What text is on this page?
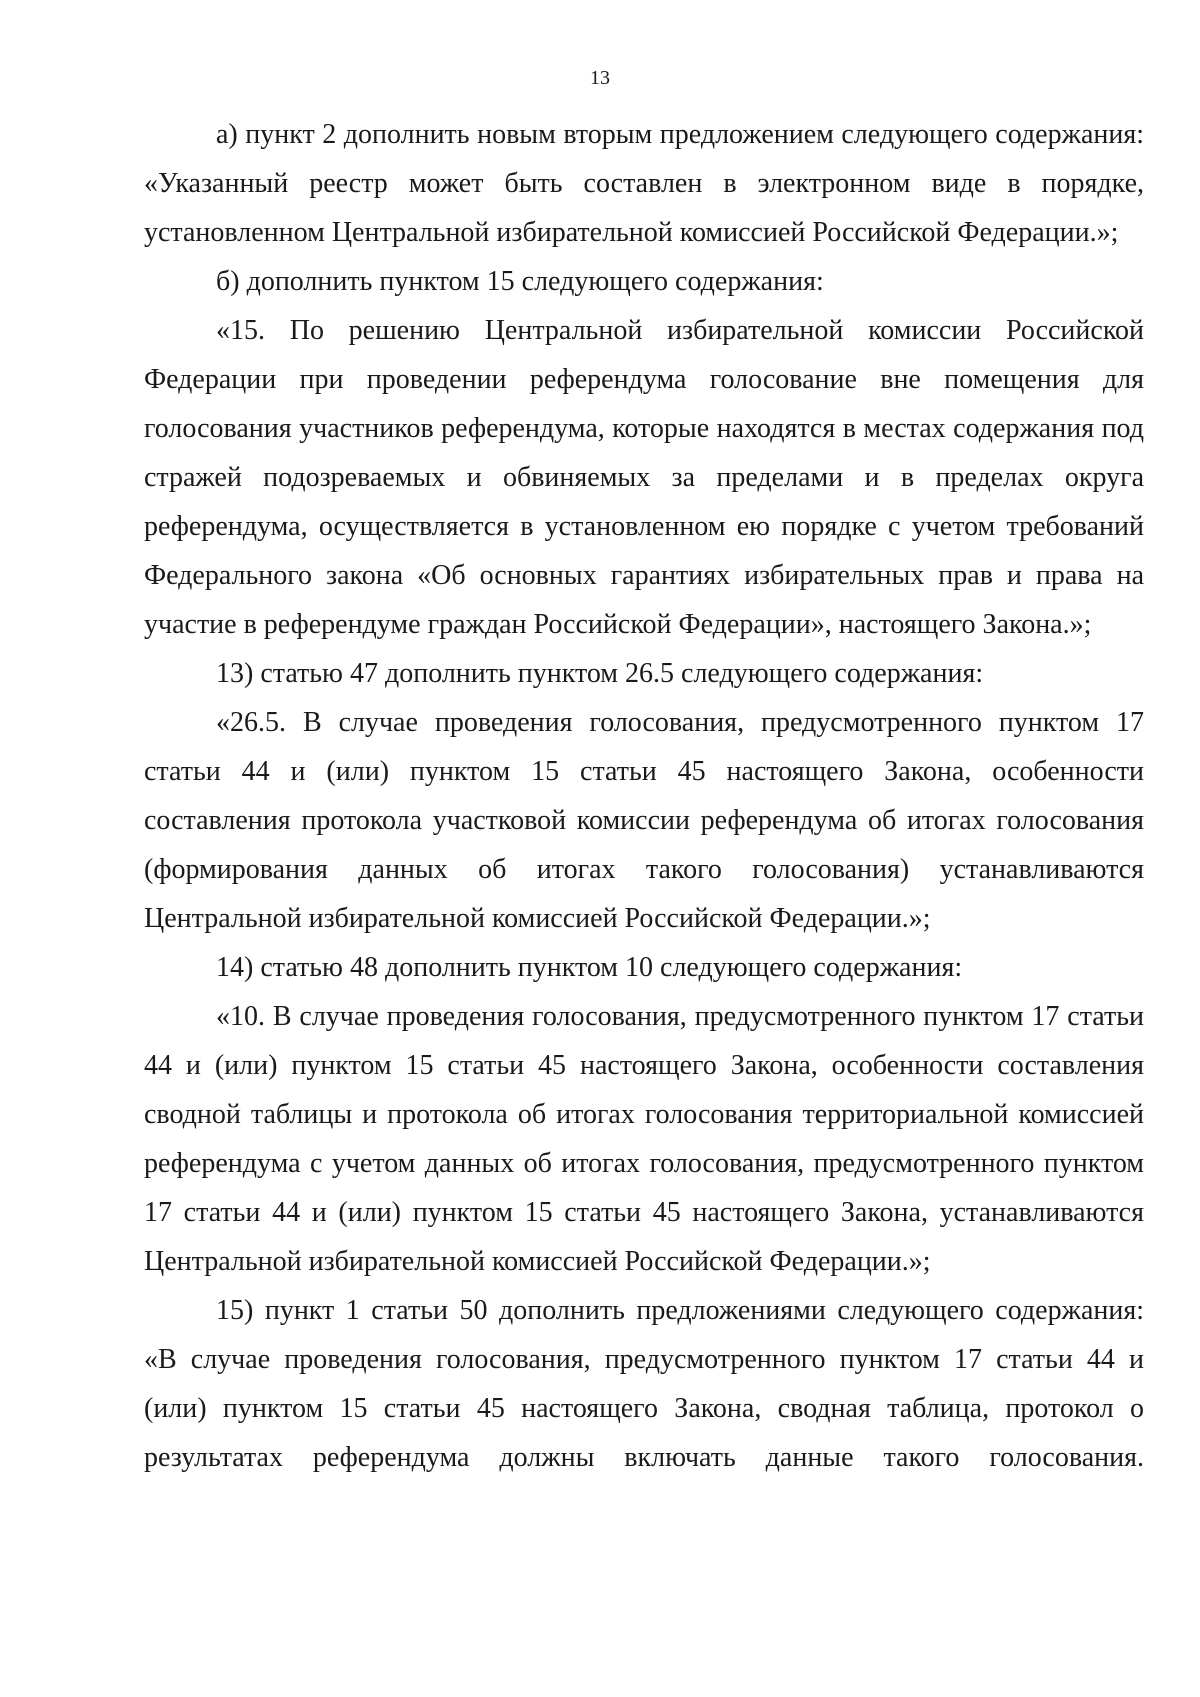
13

а) пункт 2 дополнить новым вторым предложением следующего содержания: «Указанный реестр может быть составлен в электронном виде в порядке, установленном Центральной избирательной комиссией Российской Федерации.»;

б) дополнить пунктом 15 следующего содержания:

«15. По решению Центральной избирательной комиссии Российской Федерации при проведении референдума голосование вне помещения для голосования участников референдума, которые находятся в местах содержания под стражей подозреваемых и обвиняемых за пределами и в пределах округа референдума, осуществляется в установленном ею порядке с учетом требований Федерального закона «Об основных гарантиях избирательных прав и права на участие в референдуме граждан Российской Федерации», настоящего Закона.»;

13) статью 47 дополнить пунктом 26.5 следующего содержания:

«26.5. В случае проведения голосования, предусмотренного пунктом 17 статьи 44 и (или) пунктом 15 статьи 45 настоящего Закона, особенности составления протокола участковой комиссии референдума об итогах голосования (формирования данных об итогах такого голосования) устанавливаются Центральной избирательной комиссией Российской Федерации.»;

14) статью 48 дополнить пунктом 10 следующего содержания:

«10. В случае проведения голосования, предусмотренного пунктом 17 статьи 44 и (или) пунктом 15 статьи 45 настоящего Закона, особенности составления сводной таблицы и протокола об итогах голосования территориальной комиссией референдума с учетом данных об итогах голосования, предусмотренного пунктом 17 статьи 44 и (или) пунктом 15 статьи 45 настоящего Закона, устанавливаются Центральной избирательной комиссией Российской Федерации.»;

15) пункт 1 статьи 50 дополнить предложениями следующего содержания: «В случае проведения голосования, предусмотренного пунктом 17 статьи 44 и (или) пунктом 15 статьи 45 настоящего Закона, сводная таблица, протокол о результатах референдума должны включать данные такого голосования.
